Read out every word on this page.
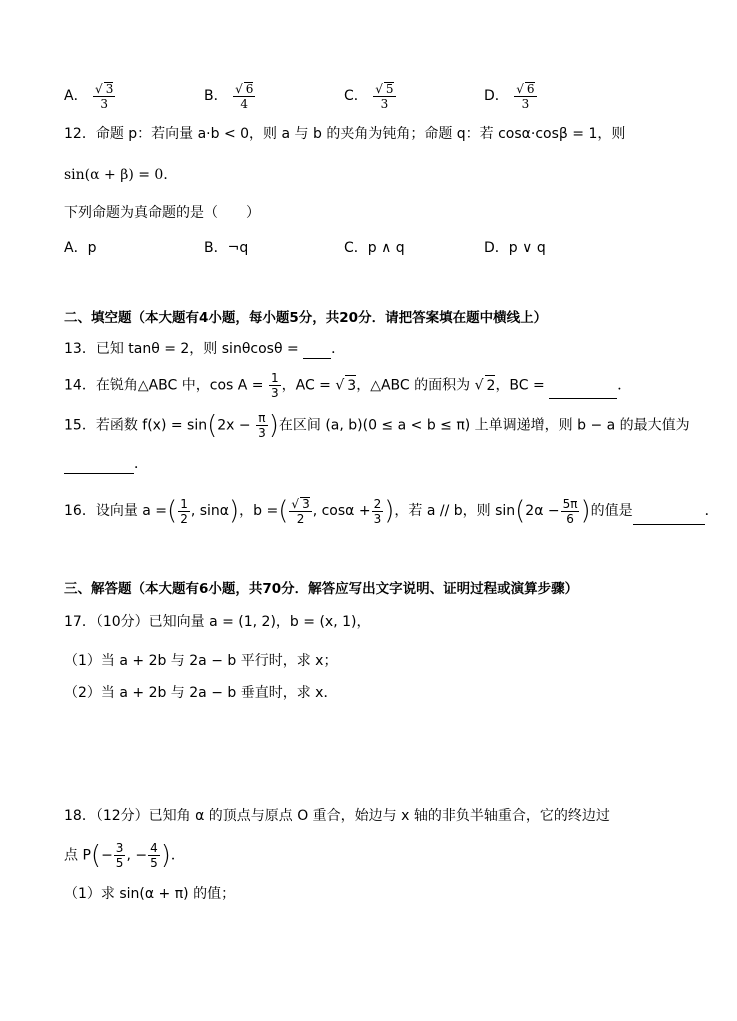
A． $\frac{√ 3}{3}$	B． $\frac{√ 6}{4}$	C． $\frac{√ 5}{3}$	D． $\frac{√ 6}{3}$
12．命题 p：若向量 a·b < 0，则 a 与 b 的夹角为钝角；命题 q：若 cosα·cosβ = 1，则
sin(α + β) = 0．
下列命题为真命题的是（　　）
A．p	B．¬q	C．p ∧ q	D．p ∨ q
二、填空题（本大题有4小题，每小题5分，共20分．请把答案填在题中横线上）
13．已知 tanθ = 2，则 sinθcosθ = ．
14．在锐角△ABC 中，$\cos A = \frac{1}{3}$ ，AC = √ 3，△ABC 的面积为 √ 2，BC =	．
15．若函数 $f(x) = \sin(2x - \frac{\pi}{3}$ )在区间 (a, b)(0 ≤ a < b ≤ π) 上单调递增，则 b − a 的最大值为
．
16．设向量 a =( $\frac{1}{2}$ , sinα)，b =( $\frac{√ 3}{2}$ , $\cos\alpha + \frac{2}{3}$ )，若 a // b，则 $\sin(2\alpha - \frac{5\pi}{6}$ )的值是	．
三、解答题（本大题有6小题，共70分．解答应写出文字说明、证明过程或演算步骤）
17．（10分）已知向量 a = (1, 2)，b = (x, 1)，
（1）当 a + 2b 与 2a − b 平行时，求 x；
（2）当 a + 2b 与 2a − b 垂直时，求 x．
18．（12分）已知角 α 的顶点与原点 O 重合，始边与 x 轴的非负半轴重合，它的终边过
点 $P(- \frac{3}{5}$ , − $\frac{4}{5}$ )．
（1）求 sin(α + π) 的值；
